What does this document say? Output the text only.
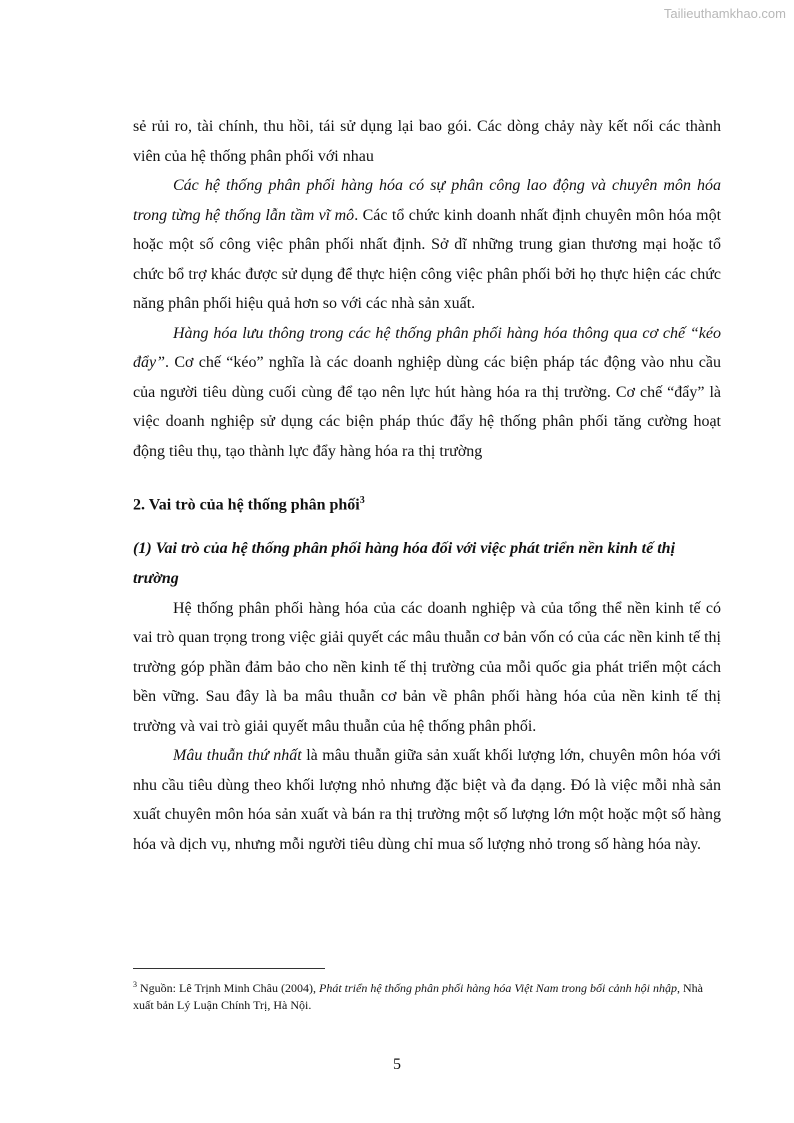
Tailieuthamkhao.com

sẻ rủi ro, tài chính, thu hồi, tái sử dụng lại bao gói. Các dòng chảy này kết nối các thành viên của hệ thống phân phối với nhau

Các hệ thống phân phối hàng hóa có sự phân công lao động và chuyên môn hóa trong từng hệ thống lẫn tầm vĩ mô. Các tổ chức kinh doanh nhất định chuyên môn hóa một hoặc một số công việc phân phối nhất định. Sở dĩ những trung gian thương mại hoặc tổ chức bổ trợ khác được sử dụng để thực hiện công việc phân phối bởi họ thực hiện các chức năng phân phối hiệu quả hơn so với các nhà sản xuất.

Hàng hóa lưu thông trong các hệ thống phân phối hàng hóa thông qua cơ chế “kéo đẩy”. Cơ chế “kéo” nghĩa là các doanh nghiệp dùng các biện pháp tác động vào nhu cầu của người tiêu dùng cuối cùng để tạo nên lực hút hàng hóa ra thị trường. Cơ chế “đẩy” là việc doanh nghiệp sử dụng các biện pháp thúc đẩy hệ thống phân phối tăng cường hoạt động tiêu thụ, tạo thành lực đẩy hàng hóa ra thị trường

2. Vai trò của hệ thống phân phối$^3$
(1) Vai trò của hệ thống phân phối hàng hóa đối với việc phát triển nền kinh tế thị trường

Hệ thống phân phối hàng hóa của các doanh nghiệp và của tổng thể nền kinh tế có vai trò quan trọng trong việc giải quyết các mâu thuẫn cơ bản vốn có của các nền kinh tế thị trường góp phần đảm bảo cho nền kinh tế thị trường của mỗi quốc gia phát triển một cách bền vững. Sau đây là ba mâu thuẫn cơ bản về phân phối hàng hóa của nền kinh tế thị trường và vai trò giải quyết mâu thuẫn của hệ thống phân phối.

Mâu thuẫn thứ nhất là mâu thuẫn giữa sản xuất khối lượng lớn, chuyên môn hóa với nhu cầu tiêu dùng theo khối lượng nhỏ nhưng đặc biệt và đa dạng. Đó là việc mỗi nhà sản xuất chuyên môn hóa sản xuất và bán ra thị trường một số lượng lớn một hoặc một số hàng hóa và dịch vụ, nhưng mỗi người tiêu dùng chỉ mua số lượng nhỏ trong số hàng hóa này.

$^3$ Nguồn: Lê Trịnh Minh Châu (2004), Phát triển hệ thống phân phối hàng hóa Việt Nam trong bối cảnh hội nhập, Nhà xuất bản Lý Luận Chính Trị, Hà Nội.
5
